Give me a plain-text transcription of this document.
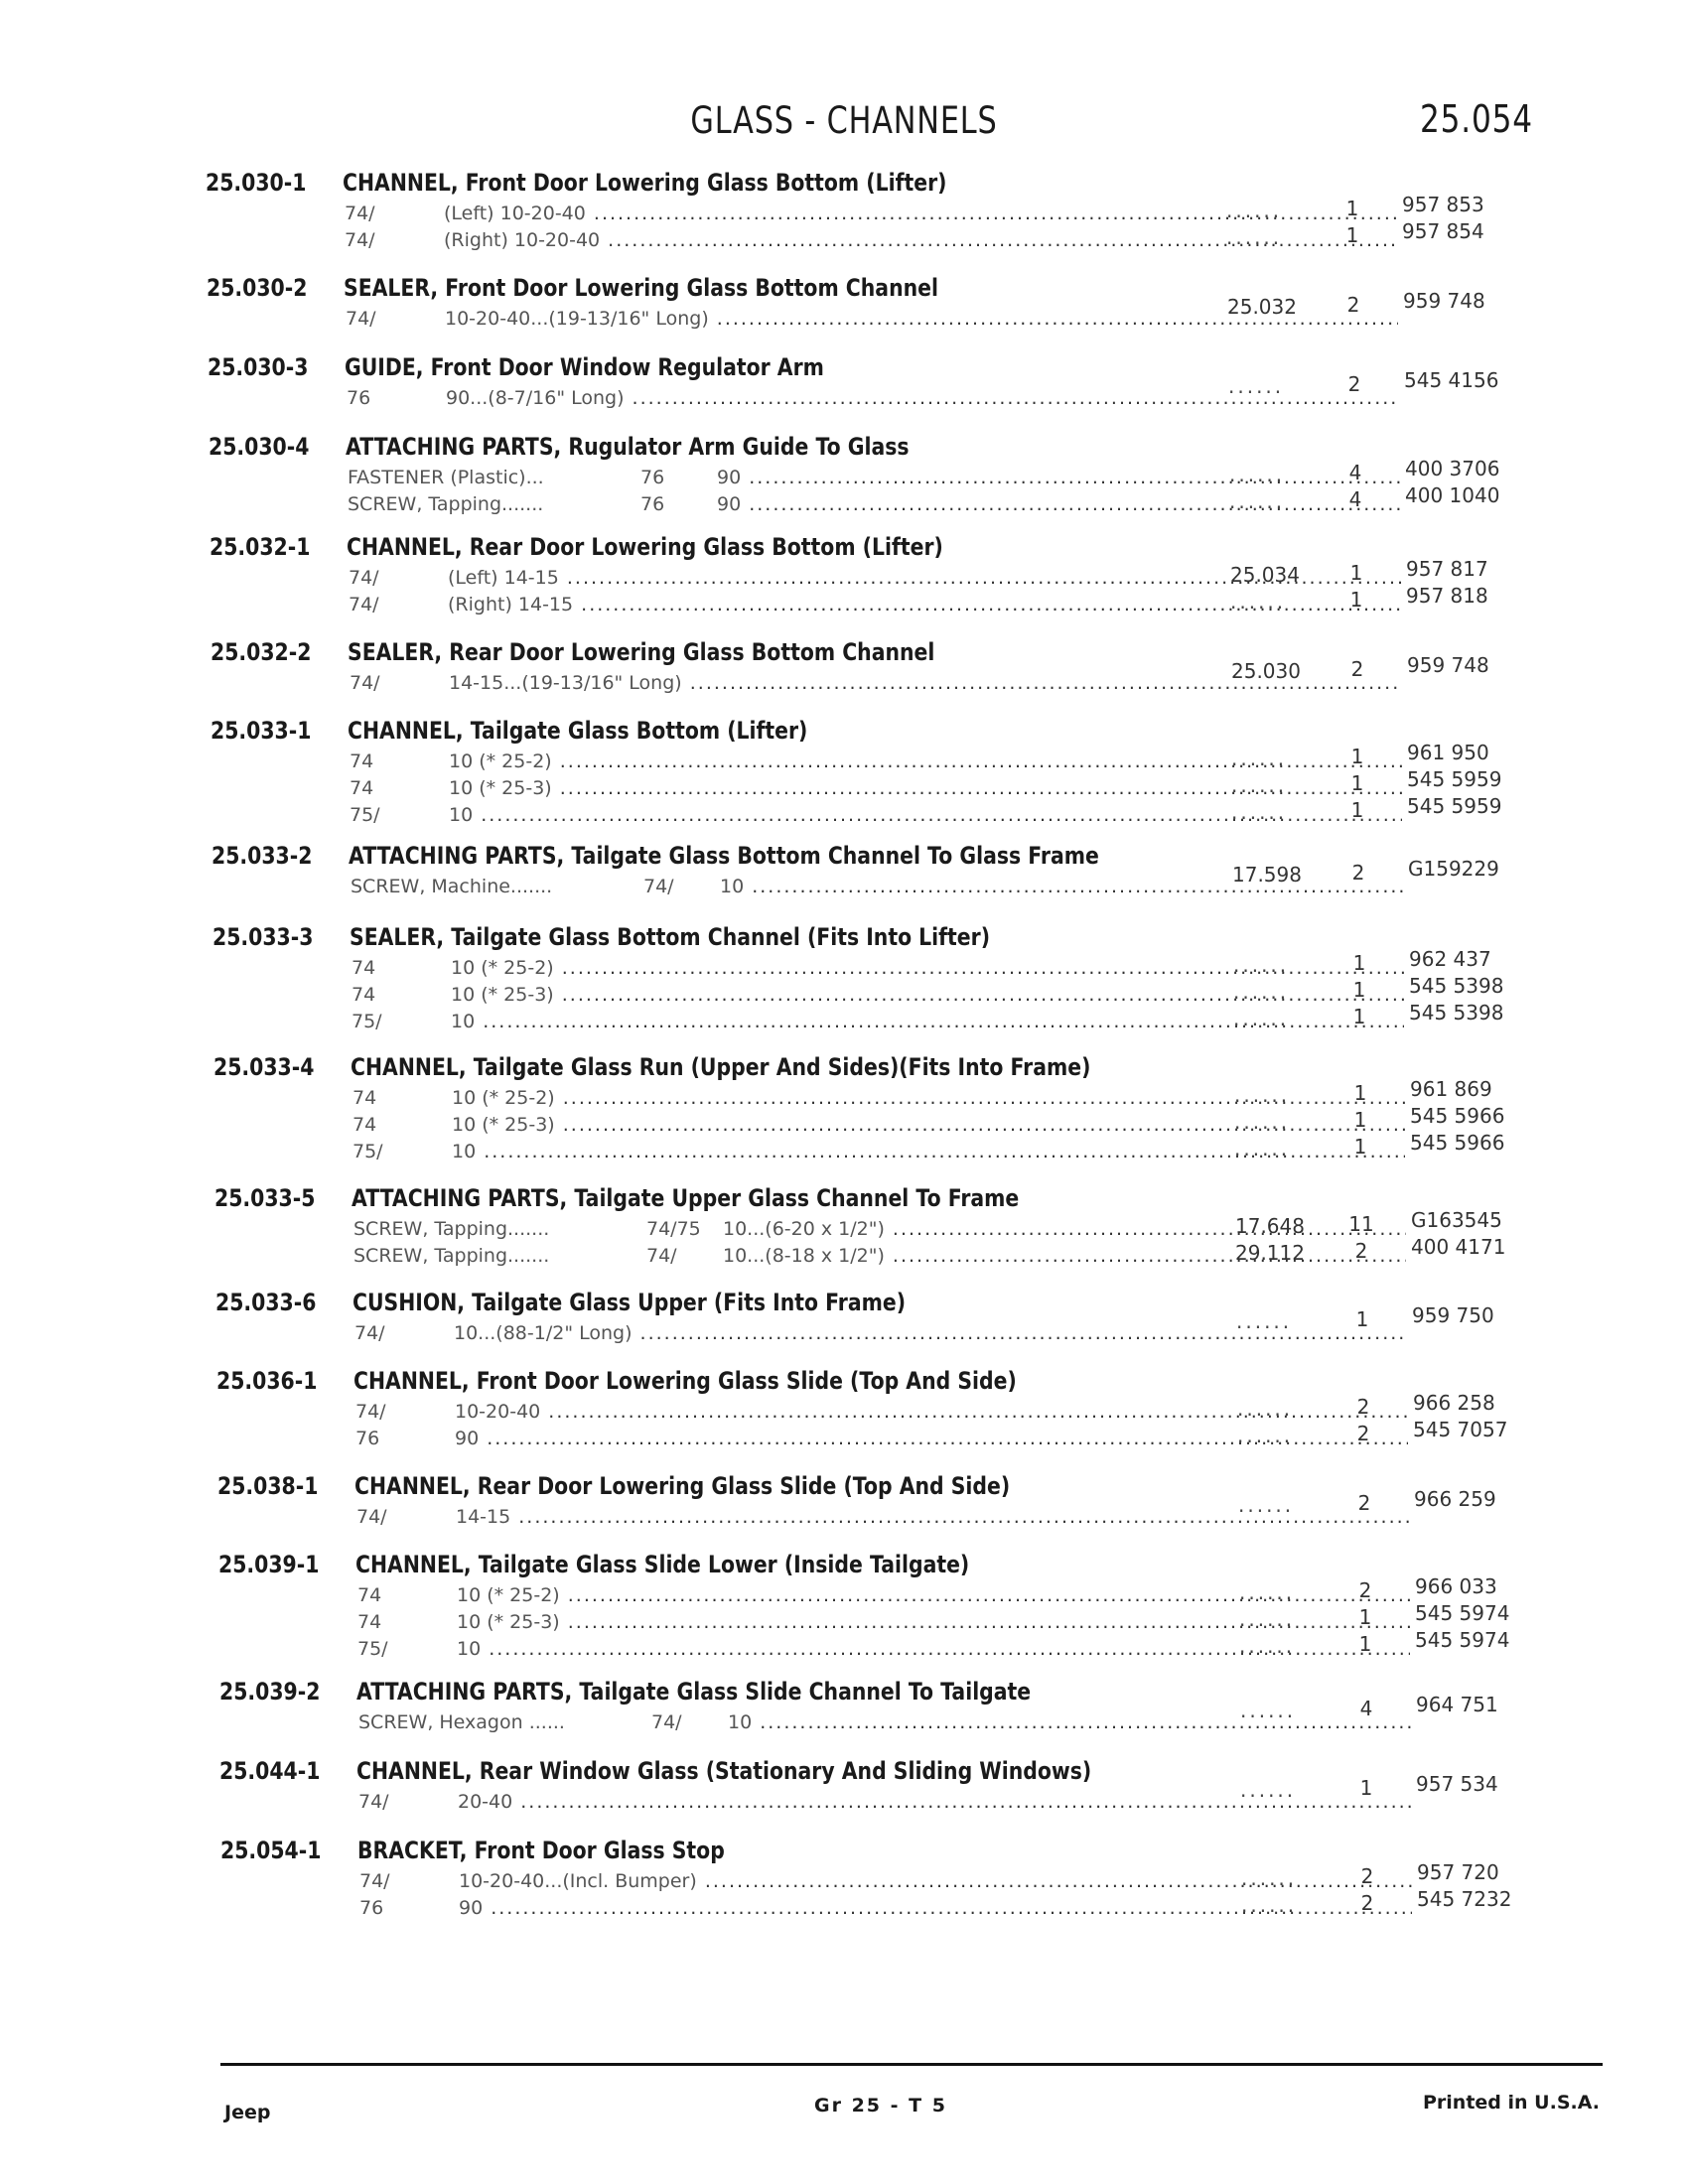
GLASS - CHANNELS	25.054
25.030-1 CHANNEL, Front Door Lowering Glass Bottom (Lifter)
74/	(Left) 10-20-40 .....	......	1	957 853
74/	(Right) 10-20-40 .....	......	1	957 854
25.030-2 SEALER, Front Door Lowering Glass Bottom Channel
74/	10-20-40...(19-13/16" Long) .....	25.032	2	959 748
25.030-3 GUIDE, Front Door Window Regulator Arm
76	90...(8-7/16" Long) .....	......	2	545 4156
25.030-4 ATTACHING PARTS, Rugulator Arm Guide To Glass
FASTENER (Plastic)...	76	90 .....	......	4	400 3706
SCREW, Tapping.......	76	90 .....	......	4	400 1040
25.032-1 CHANNEL, Rear Door Lowering Glass Bottom (Lifter)
74/	(Left) 14-15 .....	25.034	1	957 817
74/	(Right) 14-15 .....	......	1	957 818
25.032-2 SEALER, Rear Door Lowering Glass Bottom Channel
74/	14-15...(19-13/16" Long) .....	25.030	2	959 748
25.033-1 CHANNEL, Tailgate Glass Bottom (Lifter)
74	10 (* 25-2) .....	......	1	961 950
74	10 (* 25-3) .....	......	1	545 5959
75/	10 .....	......	1	545 5959
25.033-2 ATTACHING PARTS, Tailgate Glass Bottom Channel To Glass Frame
SCREW, Machine.......	74/ 10 .....	17.598	2	G159229
25.033-3 SEALER, Tailgate Glass Bottom Channel (Fits Into Lifter)
74	10 (* 25-2) .....	......	1	962 437
74	10 (* 25-3) .....	......	1	545 5398
75/	10 .....	......	1	545 5398
25.033-4 CHANNEL, Tailgate Glass Run (Upper And Sides)(Fits Into Frame)
74	10 (* 25-2) .....	......	1	961 869
74	10 (* 25-3) .....	......	1	545 5966
75/	10 .....	......	1	545 5966
25.033-5 ATTACHING PARTS, Tailgate Upper Glass Channel To Frame
SCREW, Tapping.......	74/75 10...(6-20 x 1/2") .....	17.648	11 G163545
SCREW, Tapping.......	74/ 10...(8-18 x 1/2") .....	29.112	2	400 4171
25.033-6 CUSHION, Tailgate Glass Upper (Fits Into Frame)
74/	10...(88-1/2" Long) .....	......	1	959 750
25.036-1 CHANNEL, Front Door Lowering Glass Slide (Top And Side)
74/	10-20-40 .....	......	2	966 258
76	90 .....	......	2	545 7057
25.038-1 CHANNEL, Rear Door Lowering Glass Slide (Top And Side)
74/	14-15 .....	......	2	966 259
25.039-1 CHANNEL, Tailgate Glass Slide Lower (Inside Tailgate)
74	10 (* 25-2) .....	......	2	966 033
74	10 (* 25-3) .....	......	1	545 5974
75/	10 .....	......	1	545 5974
25.039-2 ATTACHING PARTS, Tailgate Glass Slide Channel To Tailgate
SCREW, Hexagon ......	74/ 10 .....	......	4	964 751
25.044-1 CHANNEL, Rear Window Glass (Stationary And Sliding Windows)
74/	20-40 .....	......	1	957 534
25.054-1 BRACKET, Front Door Glass Stop
74/	10-20-40...(Incl. Bumper) .....	......	2	957 720
76	90 .....	......	2	545 7232
Jeep	Gr 25 - T 5	Printed in U.S.A.
